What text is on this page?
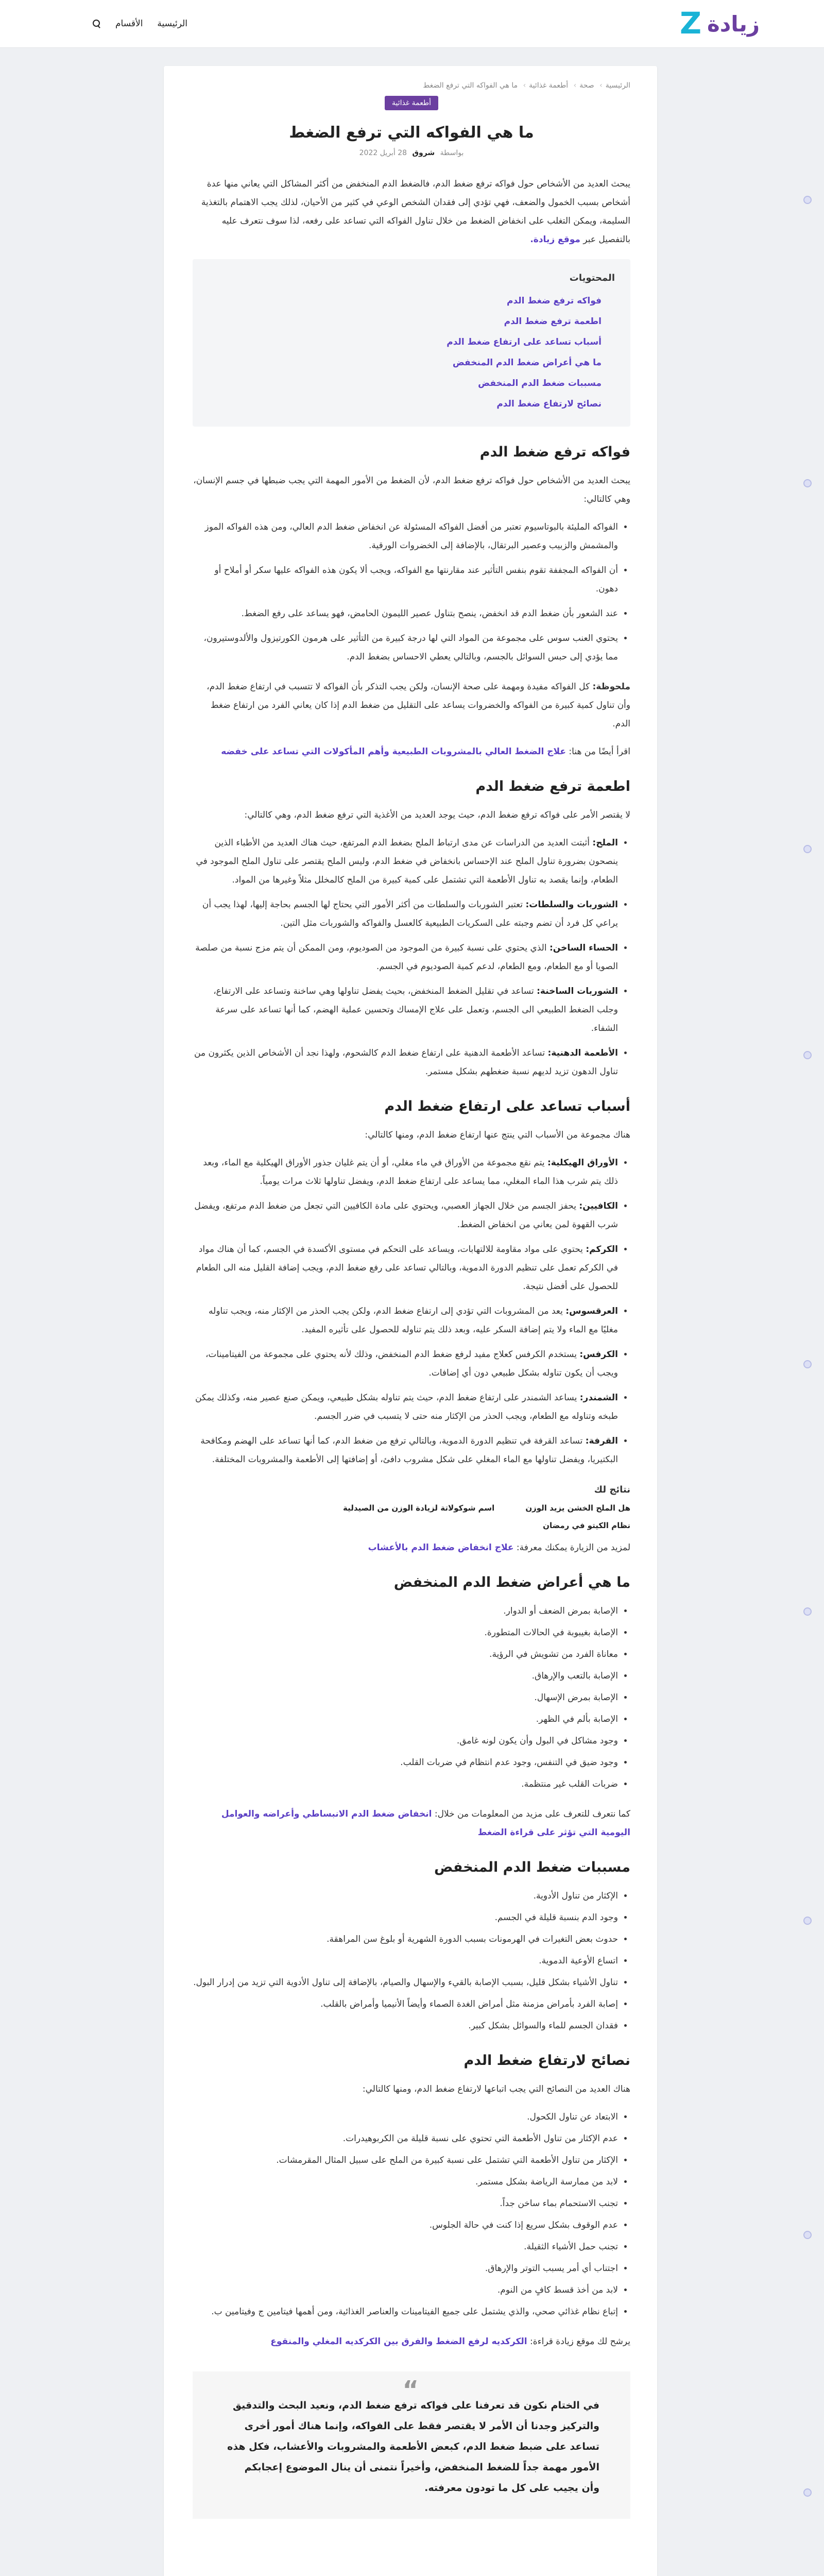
Z زيادة
الرئيسية
الأقسام
الرئيسية› صحة› أطعمة غذائية› ما هي الفواكه التي ترفع الضغط
أطعمة غذائية
ما هي الفواكه التي ترفع الضغط
بواسطة شروق 28 أبريل 2022

يبحث العديد من الأشخاص حول فواكه ترفع ضغط الدم، فالضغط الدم المنخفض من أكثر المشاكل التي يعاني منها عدة أشخاص بسبب الخمول والضعف، فهي تؤدي إلى فقدان الشخص الوعي في كثير من الأحيان، لذلك يجب الاهتمام بالتغذية السليمة، ويمكن التغلب على انخفاض الضغط من خلال تناول الفواكه التي تساعد على رفعه، لذا سوف نتعرف عليه بالتفصيل عبر موقع زيادة.

المحتويات
فواكه ترفع ضغط الدم
اطعمة ترفع ضغط الدم
أسباب تساعد على ارتفاع ضغط الدم
ما هي أعراض ضغط الدم المنخفض
مسببات ضغط الدم المنخفض
نصائح لارتفاع ضغط الدم
فواكه ترفع ضغط الدم

يبحث العديد من الأشخاص حول فواكه ترفع ضغط الدم، لأن الضغط من الأمور المهمة التي يجب ضبطها في جسم الإنسان، وهي كالتالي:

• الفواكه المليئة بالبوتاسيوم تعتبر من أفضل الفواكه المسئولة عن انخفاض ضغط الدم العالي، ومن هذه الفواكه الموز والمشمش والزبيب وعصير البرتقال، بالإضافة إلى الخضروات الورقية.
• أن الفواكه المجففة تقوم بنفس التأثير عند مقارنتها مع الفواكه، ويجب ألا يكون هذه الفواكه عليها سكر أو أملاح أو دهون.
• عند الشعور بأن ضغط الدم قد انخفض، ينصح بتناول عصير الليمون الحامض، فهو يساعد على رفع الضغط.
• يحتوي العنب سوس على مجموعة من المواد التي لها درجة كبيرة من التأثير على هرمون الكورتيزول والألدوستيرون، مما يؤدي إلى حبس السوائل بالجسم، وبالتالي يعطي الاحساس بضغط الدم.

ملحوظة: كل الفواكه مفيدة ومهمة على صحة الإنسان، ولكن يجب التذكر بأن الفواكه لا تتسبب في ارتفاع ضغط الدم، وأن تناول كمية كبيرة من الفواكه والخضروات يساعد على التقليل من ضغط الدم إذا كان يعاني الفرد من ارتفاع ضغط الدم.

اقرأ أيضًا من هنا: علاج الضغط العالي بالمشروبات الطبيعية وأهم المأكولات التي تساعد على خفضه

اطعمة ترفع ضغط الدم

لا يقتصر الأمر على فواكه ترفع ضغط الدم، حيث يوجد العديد من الأغذية التي ترفع ضغط الدم، وهي كالتالي:

• الملح: أثبتت العديد من الدراسات عن مدى ارتباط الملح بضغط الدم المرتفع، حيث هناك العديد من الأطباء الذين ينصحون بضرورة تناول الملح عند الإحساس بانخفاض في ضغط الدم، وليس الملح يقتصر على تناول الملح الموجود في الطعام، وإنما يقصد به تناول الأطعمة التي تشتمل على كمية كبيرة من الملح كالمخلل مثلاً وغيرها من المواد.
• الشوربات والسلطات: تعتبر الشوربات والسلطات من أكثر الأمور التي يحتاج لها الجسم بحاجة إليها، لهذا يجب أن يراعي كل فرد أن تضم وجبته على السكريات الطبيعية كالعسل والفواكه والشوربات مثل التين.
• الحساء الساخن: الذي يحتوي على نسبة كبيرة من الموجود من الصوديوم، ومن الممكن أن يتم مزج نسبة من صلصة الصويا أو مع الطعام، ومع الطعام، لدعم كمية الصوديوم في الجسم.
• الشوربات الساخنة: تساعد في تقليل الضغط المنخفض، بحيث يفضل تناولها وهي ساخنة وتساعد على الارتفاع، وجلب الضغط الطبيعي الى الجسم، وتعمل على علاج الإمساك وتحسين عملية الهضم، كما أنها تساعد على سرعة الشفاء.
• الأطعمة الدهنية: تساعد الأطعمة الدهنية على ارتفاع ضغط الدم كالشحوم، ولهذا نجد أن الأشخاص الذين يكثرون من تناول الدهون تزيد لديهم نسبة ضغطهم بشكل مستمر.
أسباب تساعد على ارتفاع ضغط الدم

هناك مجموعة من الأسباب التي ينتج عنها ارتفاع ضغط الدم، ومنها كالتالي:

• الأوراق الهيكلية: يتم نقع مجموعة من الأوراق في ماء مغلي، أو أن يتم غليان جذور الأوراق الهيكلية مع الماء، وبعد ذلك يتم شرب هذا الماء المغلي، مما يساعد على ارتفاع ضغط الدم، ويفضل تناولها ثلاث مرات يومياً.
• الكافيين: يحفز الجسم من خلال الجهاز العصبي، ويحتوي على مادة الكافيين التي تجعل من ضغط الدم مرتفع، ويفضل شرب القهوة لمن يعاني من انخفاض الضغط.
• الكركم: يحتوي على مواد مقاومة للالتهابات، ويساعد على التحكم في مستوى الأكسدة في الجسم، كما أن هناك مواد في الكركم تعمل على تنظيم الدورة الدموية، وبالتالي تساعد على رفع ضغط الدم، ويجب إضافة القليل منه الى الطعام للحصول على أفضل نتيجة.
• العرقسوس: يعد من المشروبات التي تؤدي إلى ارتفاع ضغط الدم، ولكن يجب الحذر من الإكثار منه، ويجب تناوله مغليًا مع الماء ولا يتم إضافة السكر عليه، وبعد ذلك يتم تناوله للحصول على تأثيره المفيد.
• الكرفس: يستخدم الكرفس كعلاج مفيد لرفع ضغط الدم المنخفض، وذلك لأنه يحتوي على مجموعة من الفيتامينات، ويجب أن يكون تناوله بشكل طبيعي دون أي إضافات.
• الشمندر: يساعد الشمندر على ارتفاع ضغط الدم، حيث يتم تناوله بشكل طبيعي، ويمكن صنع عصير منه، وكذلك يمكن طبخه وتناوله مع الطعام، ويجب الحذر من الإكثار منه حتى لا يتسبب في ضرر الجسم.
• القرفة: تساعد القرفة في تنظيم الدورة الدموية، وبالتالي ترفع من ضغط الدم، كما أنها تساعد على الهضم ومكافحة البكتيريا، ويفضل تناولها مع الماء المغلي على شكل مشروب دافئ، أو إضافتها إلى الأطعمة والمشروبات المختلفة.
نتائج لك
هل الملح الخشن يزيد الوزن
اسم شوكولاتة لزيادة الوزن من الصيدلية
نظام الكيتو في رمضان

لمزيد من الزيارة يمكنك معرفة: علاج انخفاض ضغط الدم بالأعشاب

ما هي أعراض ضغط الدم المنخفض
• الإصابة بمرض الضعف أو الدوار.
• الإصابة بغيبوبة في الحالات المتطورة.
• معاناة الفرد من تشويش في الرؤية.
• الإصابة بالتعب والإرهاق.
• الإصابة بمرض الإسهال.
• الإصابة بألم في الظهر.
• وجود مشاكل في البول وأن يكون لونه غامق.
• وجود ضيق في التنفس، وجود عدم انتظام في ضربات القلب.
• ضربات القلب غير منتظمة.

كما نتعرف للتعرف على مزيد من المعلومات من خلال: انخفاض ضغط الدم الانبساطي وأعراضه والعوامل اليومية التي تؤثر على قراءة الضغط

مسببات ضغط الدم المنخفض
• الإكثار من تناول الأدوية.
• وجود الدم بنسبة قليلة في الجسم.
• حدوث بعض التغيرات في الهرمونات بسبب الدورة الشهرية أو بلوغ سن المراهقة.
• اتساع الأوعية الدموية.
• تناول الأشياء بشكل قليل، بسبب الإصابة بالقيء والإسهال والصيام، بالإضافة إلى تناول الأدوية التي تزيد من إدرار البول.
• إصابة الفرد بأمراض مزمنة مثل أمراض الغدة الصماء وأيضاً الأنيميا وأمراض بالقلب.
• فقدان الجسم للماء والسوائل بشكل كبير.
نصائح لارتفاع ضغط الدم

هناك العديد من النصائح التي يجب اتباعها لارتفاع ضغط الدم، ومنها كالتالي:

• الابتعاد عن تناول الكحول.
• عدم الإكثار من تناول الأطعمة التي تحتوي على نسبة قليلة من الكربوهيدرات.
• الإكثار من تناول الأطعمة التي تشتمل على نسبة كبيرة من الملح على سبيل المثال المقرمشات.
• لابد من ممارسة الرياضة بشكل مستمر.
• تجنب الاستحمام بماء ساخن جداً.
• عدم الوقوف بشكل سريع إذا كنت في حالة الجلوس.
• تجنب حمل الأشياء الثقيلة.
• اجتناب أي أمر يسبب التوتر والإرهاق.
• لابد من أخذ قسط كافٍ من النوم.
• إتباع نظام غذائي صحي، والذي يشتمل على جميع الفيتامينات والعناصر الغذائية، ومن أهمها فيتامين ج وفيتامين ب.

يرشح لك موقع زيادة قراءة: الكركديه لرفع الضغط والفرق بين الكركديه المغلي والمنقوع

“
في الختام نكون قد تعرفنا على فواكه ترفع ضغط الدم، ونعيد البحث والتدقيق والتركيز وجدنا أن الأمر لا يقتصر فقط على الفواكه، وإنما هناك أمور أخرى تساعد على ضبط ضغط الدم، كبعض الأطعمة والمشروبات والأعشاب، فكل هذه الأمور مهمة جداً للضغط المنخفض، وأخيراً نتمنى أن ينال الموضوع إعجابكم وأن يجيب على كل ما تودون معرفته.
